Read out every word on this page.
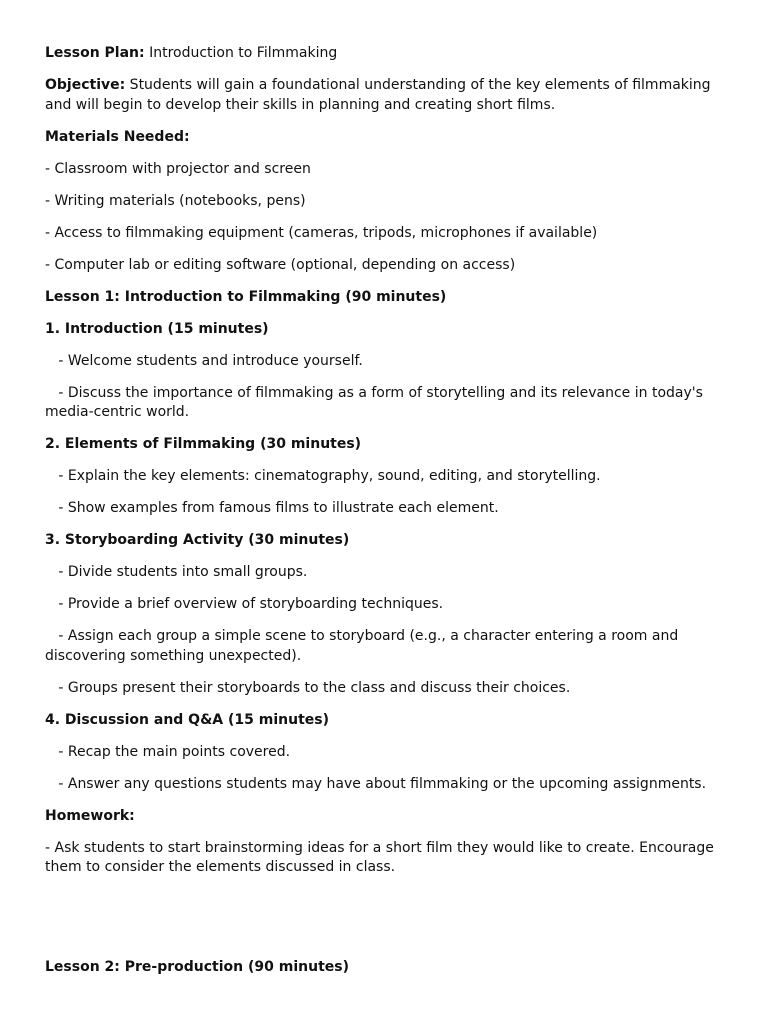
Lesson Plan: Introduction to Filmmaking

Objective: Students will gain a foundational understanding of the key elements of filmmaking and will begin to develop their skills in planning and creating short films.

Materials Needed:

- Classroom with projector and screen

- Writing materials (notebooks, pens)

- Access to filmmaking equipment (cameras, tripods, microphones if available)

- Computer lab or editing software (optional, depending on access)

Lesson 1: Introduction to Filmmaking (90 minutes)

1. Introduction (15 minutes)

- Welcome students and introduce yourself.

- Discuss the importance of filmmaking as a form of storytelling and its relevance in today's media-centric world.

2. Elements of Filmmaking (30 minutes)

- Explain the key elements: cinematography, sound, editing, and storytelling.

- Show examples from famous films to illustrate each element.

3. Storyboarding Activity (30 minutes)

- Divide students into small groups.

- Provide a brief overview of storyboarding techniques.

- Assign each group a simple scene to storyboard (e.g., a character entering a room and discovering something unexpected).

- Groups present their storyboards to the class and discuss their choices.

4. Discussion and Q&A (15 minutes)

- Recap the main points covered.

- Answer any questions students may have about filmmaking or the upcoming assignments.

Homework:

- Ask students to start brainstorming ideas for a short film they would like to create. Encourage them to consider the elements discussed in class.

Lesson 2: Pre-production (90 minutes)
